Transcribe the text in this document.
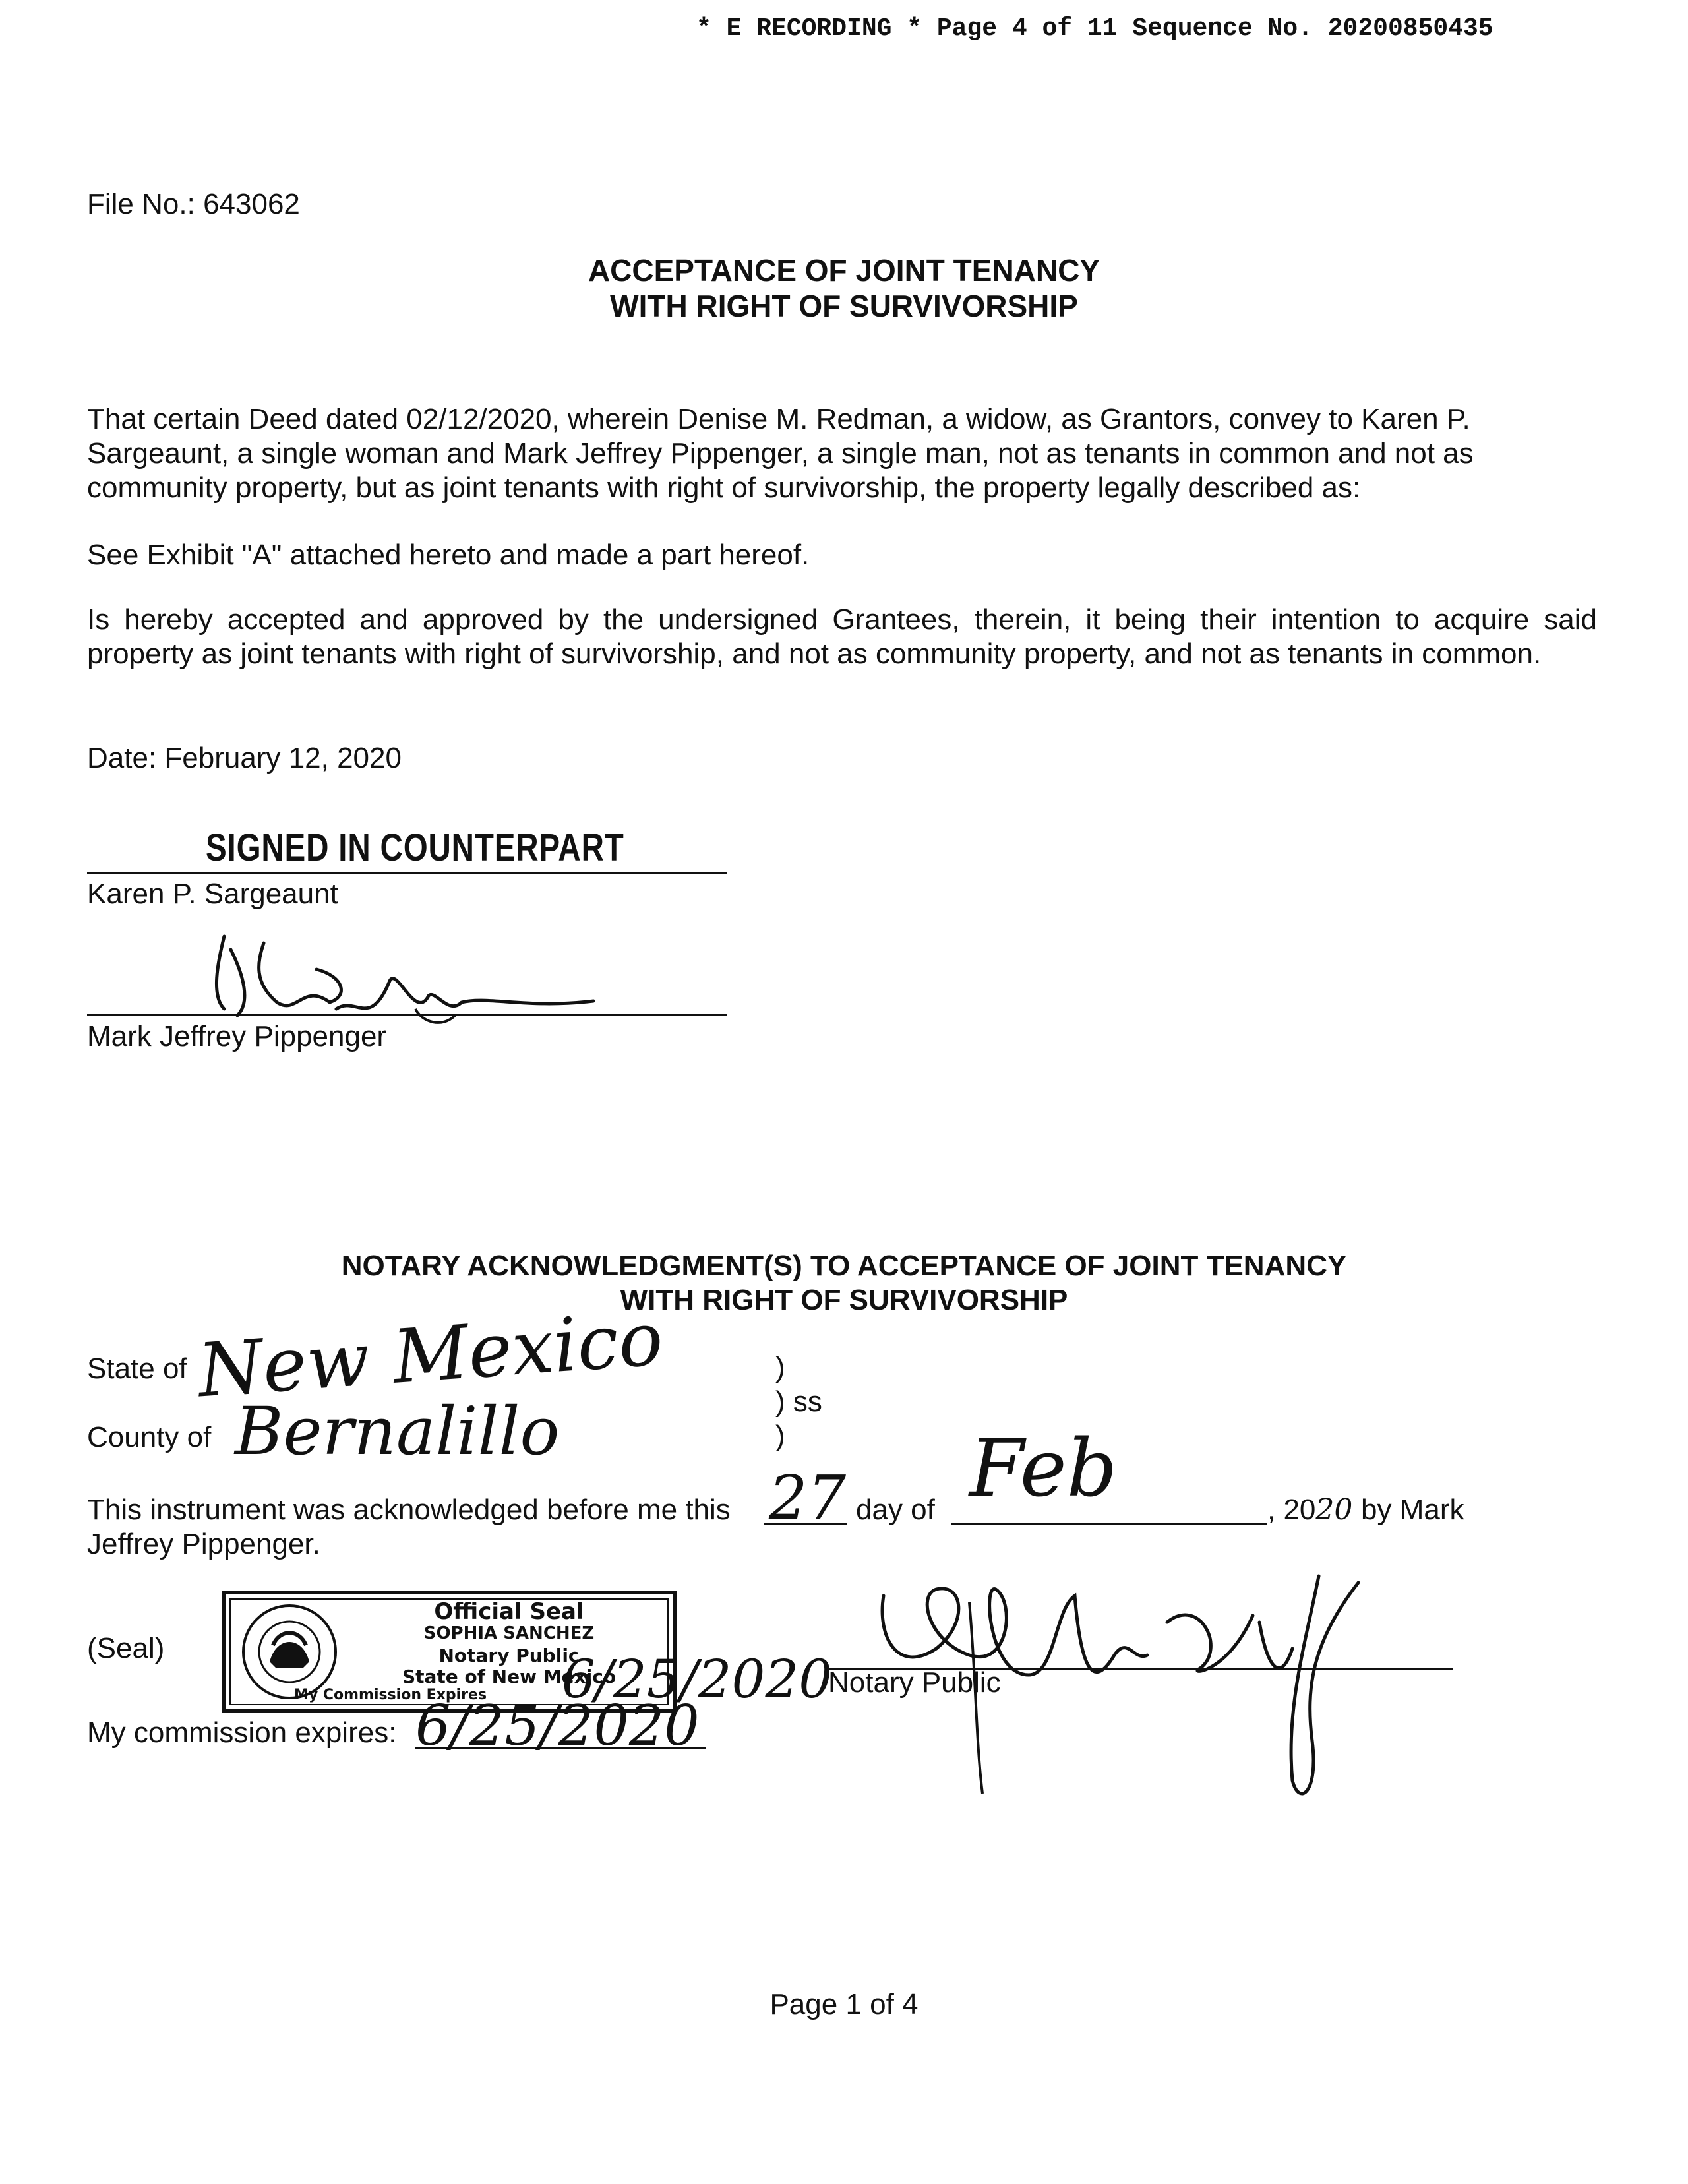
* E RECORDING * Page 4 of 11 Sequence No. 20200850435
File No.: 643062
ACCEPTANCE OF JOINT TENANCY
WITH RIGHT OF SURVIVORSHIP
That certain Deed dated 02/12/2020, wherein Denise M. Redman, a widow, as Grantors, convey to Karen P. Sargeaunt, a single woman and Mark Jeffrey Pippenger, a single man, not as tenants in common and not as community property, but as joint tenants with right of survivorship, the property legally described as:
See Exhibit "A" attached hereto and made a part hereof.
Is hereby accepted and approved by the undersigned Grantees, therein, it being their intention to acquire said property as joint tenants with right of survivorship, and not as community property, and not as tenants in common.
Date: February 12, 2020
SIGNED IN COUNTERPART
Karen P. Sargeaunt
Mark Jeffrey Pippenger
NOTARY ACKNOWLEDGMENT(S) TO ACCEPTANCE OF JOINT TENANCY
WITH RIGHT OF SURVIVORSHIP
State of New Mexico	)
) ss
)
County of Bernalillo
This instrument was acknowledged before me this 27 day of Feb	, 2020 by Mark
Jeffrey Pippenger.
(Seal)
Official Seal
SOPHIA SANCHEZ
Notary Public
State of New Mexico
My Commission Expires 6/25/2020
Notary Public
My commission expires: 6/25/2020
Page 1 of 4
